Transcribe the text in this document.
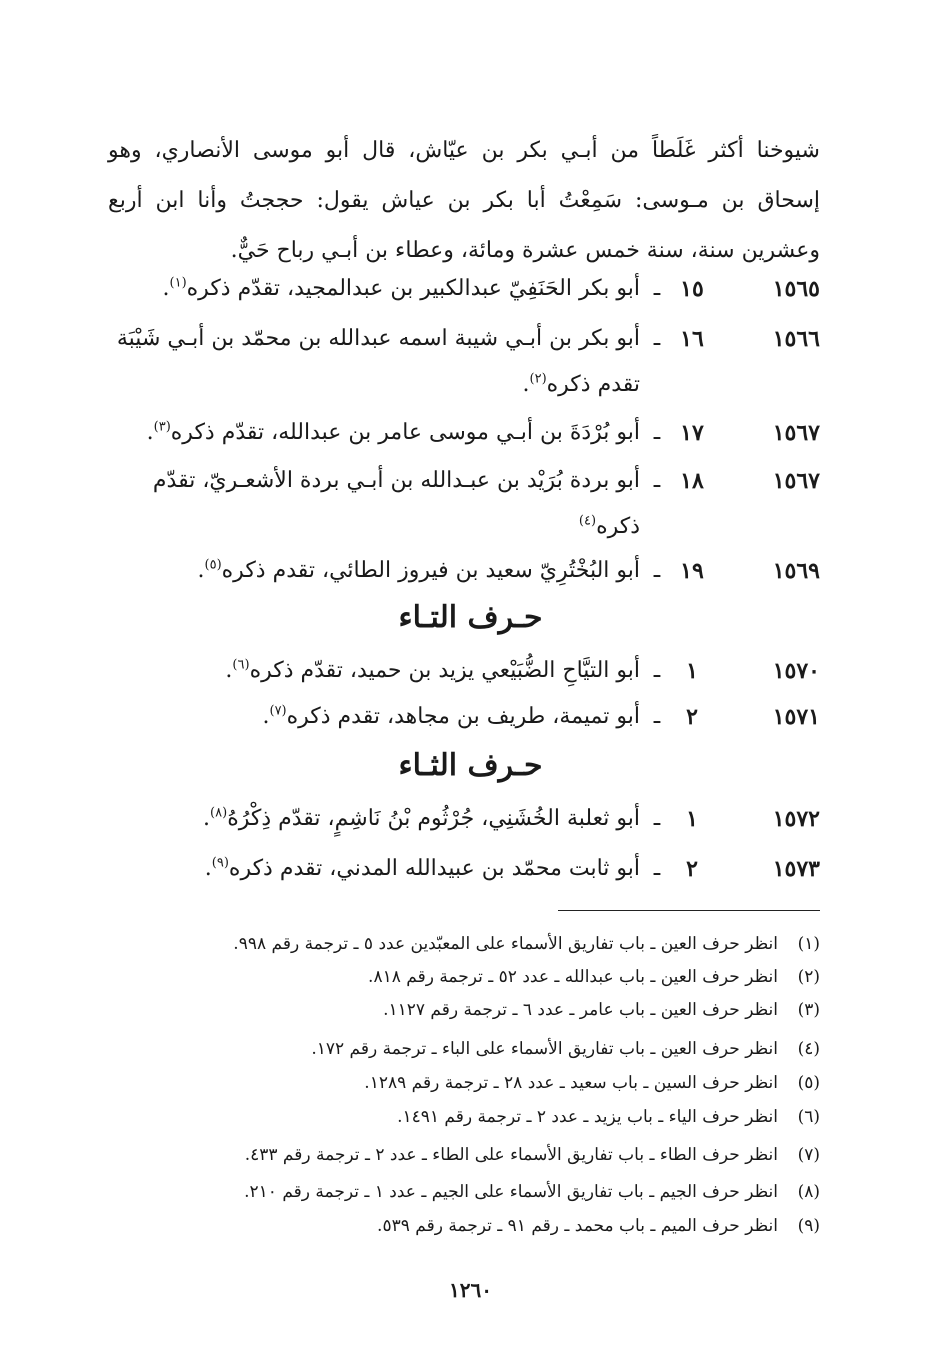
شيوخنا أكثر غَلَطاً من أبـي بكر بن عيّاش، قال أبو موسى الأنصاري، وهو
إسحاق بن مـوسى: سَمِعْتُ أبا بكر بن عياش يقول: حججتُ وأنا ابن أربع
وعشرين سنة، سنة خمس عشرة ومائة، وعطاء بن أبـي رباح حَيٌّ.
١٥٦٥
١٥
ـ
أبو بكر الحَنَفِيّ عبدالكبير بن عبدالمجيد، تقدّم ذكره$^{(١)}$.
١٥٦٦
١٦
ـ
أبو بكر بن أبـي شيبة اسمه عبدالله بن محمّد بن أبـي شَيْبَة
تقدم ذكره$^{(٢)}$.
١٥٦٧
١٧
ـ
أبو بُرْدَةَ بن أبـي موسى عامر بن عبدالله، تقدّم ذكره$^{(٣)}$.
١٥٦٧
١٨
ـ
أبو بردة بُرَيْد بن عبـدالله بن أبـي بردة الأشعـريّ، تقدّم
ذكره$^{(٤)}$
١٥٦٩
١٩
ـ
أبو البُخْتُرِيّ سعيد بن فيروز الطائي، تقدم ذكره$^{(٥)}$.
حـرف التـاء
١٥٧٠
١
ـ
أبو التيَّاحِ الضُّبَيْعي يزيد بن حميد، تقدّم ذكره$^{(٦)}$.
١٥٧١
٢
ـ
أبو تميمة، طريف بن مجاهد، تقدم ذكره$^{(٧)}$.
حـرف الثـاء
١٥٧٢
١
ـ
أبو ثعلبة الخُشَنِي، جُرْثُوم بْنُ نَاشِمٍ، تقدّم ذِكْرُهُ$^{(٨)}$.
١٥٧٣
٢
ـ
أبو ثابت محمّد بن عبيدالله المدني، تقدم ذكره$^{(٩)}$.
(١)
انظر حرف العين ـ باب تفاريق الأسماء على المعبّدين عدد ٥ ـ ترجمة رقم ٩٩٨.
(٢)
انظر حرف العين ـ باب عبدالله ـ عدد ٥٢ ـ ترجمة رقم ٨١٨.
(٣)
انظر حرف العين ـ باب عامر ـ عدد ٦ ـ ترجمة رقم ١١٢٧.
(٤)
انظر حرف العين ـ باب تفاريق الأسماء على الباء ـ ترجمة رقم ١٧٢.
(٥)
انظر حرف السين ـ باب سعيد ـ عدد ٢٨ ـ ترجمة رقم ١٢٨٩.
(٦)
انظر حرف الياء ـ باب يزيد ـ عدد ٢ ـ ترجمة رقم ١٤٩١.
(٧)
انظر حرف الطاء ـ باب تفاريق الأسماء على الطاء ـ عدد ٢ ـ ترجمة رقم ٤٣٣.
(٨)
انظر حرف الجيم ـ باب تفاريق الأسماء على الجيم ـ عدد ١ ـ ترجمة رقم ٢١٠.
(٩)
انظر حرف الميم ـ باب محمد ـ رقم ٩١ ـ ترجمة رقم ٥٣٩.
١٢٦٠
